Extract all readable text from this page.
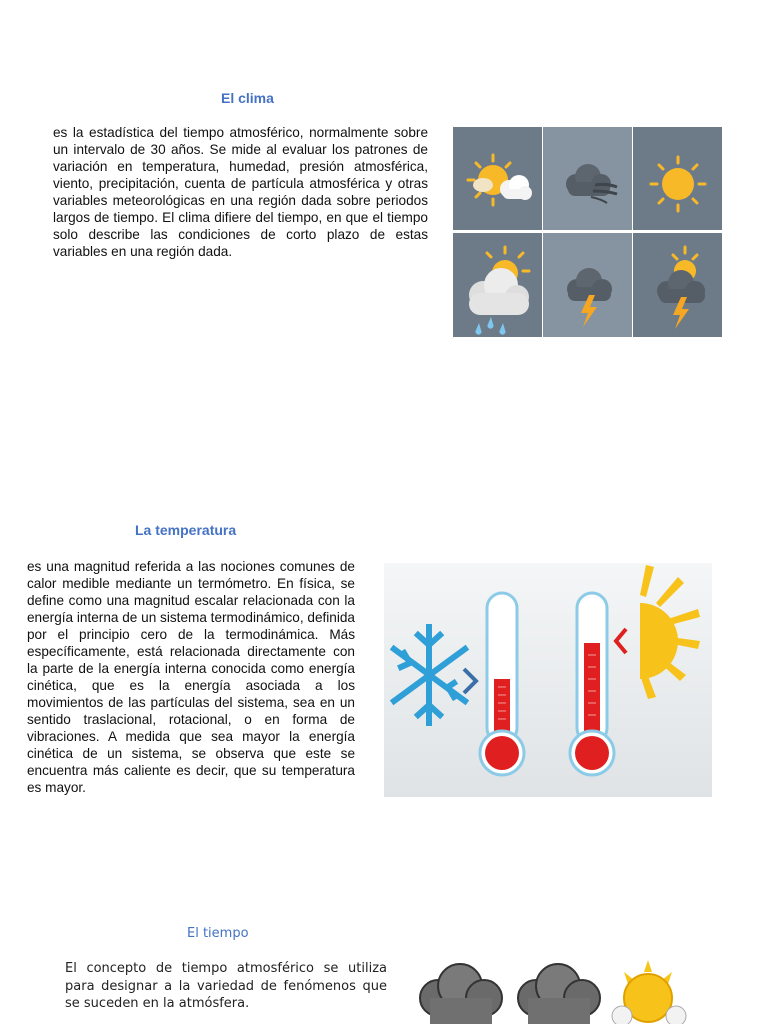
El clima

es la estadística del tiempo atmosférico, normalmente sobre un intervalo de 30 años. Se mide al evaluar los patrones de variación en temperatura, humedad, presión atmosférica, viento, precipitación, cuenta de partícula atmosférica y otras variables meteorológicas en una región dada sobre periodos largos de tiempo. El clima difiere del tiempo, en que el tiempo solo describe las condiciones de corto plazo de estas variables en una región dada.

La temperatura

es una magnitud referida a las nociones comunes de calor medible mediante un termómetro. En física, se define como una magnitud escalar relacionada con la energía interna de un sistema termodinámico, definida por el principio cero de la termodinámica. Más específicamente, está relacionada directamente con la parte de la energía interna conocida como energía cinética, que es la energía asociada a los movimientos de las partículas del sistema, sea en un sentido traslacional, rotacional, o en forma de vibraciones. A medida que sea mayor la energía cinética de un sistema, se observa que este se encuentra más caliente es decir, que su temperatura es mayor.

El tiempo

El concepto de tiempo atmosférico se utiliza para designar a la variedad de fenómenos que se suceden en la atmósfera.
